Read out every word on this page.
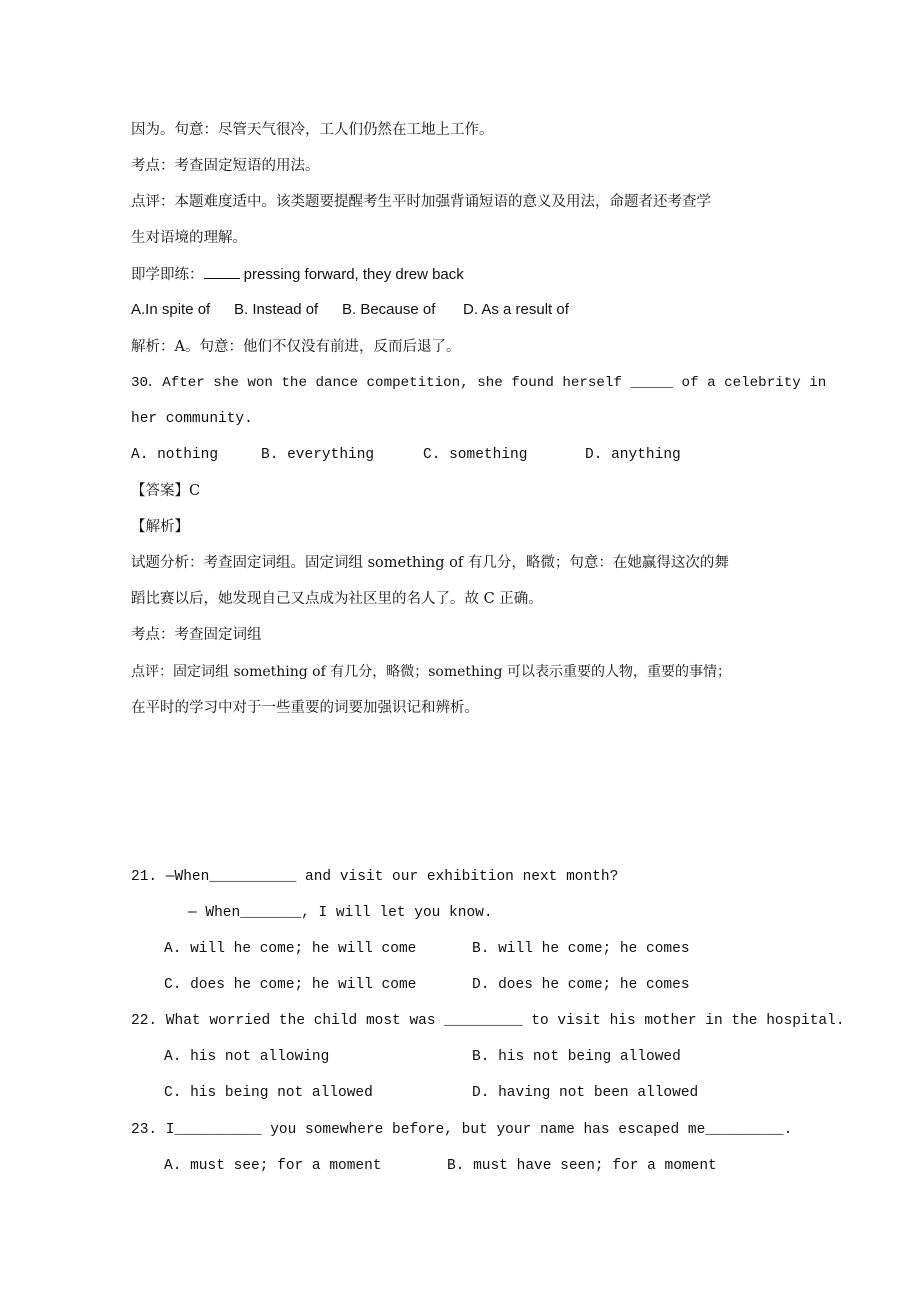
因为。句意：尽管天气很冷，工人们仍然在工地上工作。
考点：考查固定短语的用法。
点评：本题难度适中。该类题要提醒考生平时加强背诵短语的意义及用法，命题者还考查学
生对语境的理解。
即学即练： pressing forward, they drew back
A.In spite of B. Instead of B. Because of D. As a result of
解析：A。句意：他们不仅没有前进，反而后退了。
30．After she won the dance competition, she found herself _____ of a celebrity in
her community.
A. nothing	B. everything	C. something	D. anything
【答案】C
【解析】
试题分析：考查固定词组。固定词组 something of 有几分，略微；句意：在她赢得这次的舞
蹈比赛以后，她发现自己又点成为社区里的名人了。故 C 正确。
考点：考查固定词组
点评：固定词组 something of 有几分，略微；something 可以表示重要的人物，重要的事情；
在平时的学习中对于一些重要的词要加强识记和辨析。
21. —When__________ and visit our exhibition next month?
— When_______, I will let you know.
A. will he come; he will come	B. will he come; he comes
C. does he come; he will come	D. does he come; he comes
22. What worried the child most was _________ to visit his mother in the hospital.
A. his not allowing	B. his not being allowed
C. his being not allowed	D. having not been allowed
23. I__________ you somewhere before, but your name has escaped me_________.
A. must see; for a moment	B. must have seen; for a moment
